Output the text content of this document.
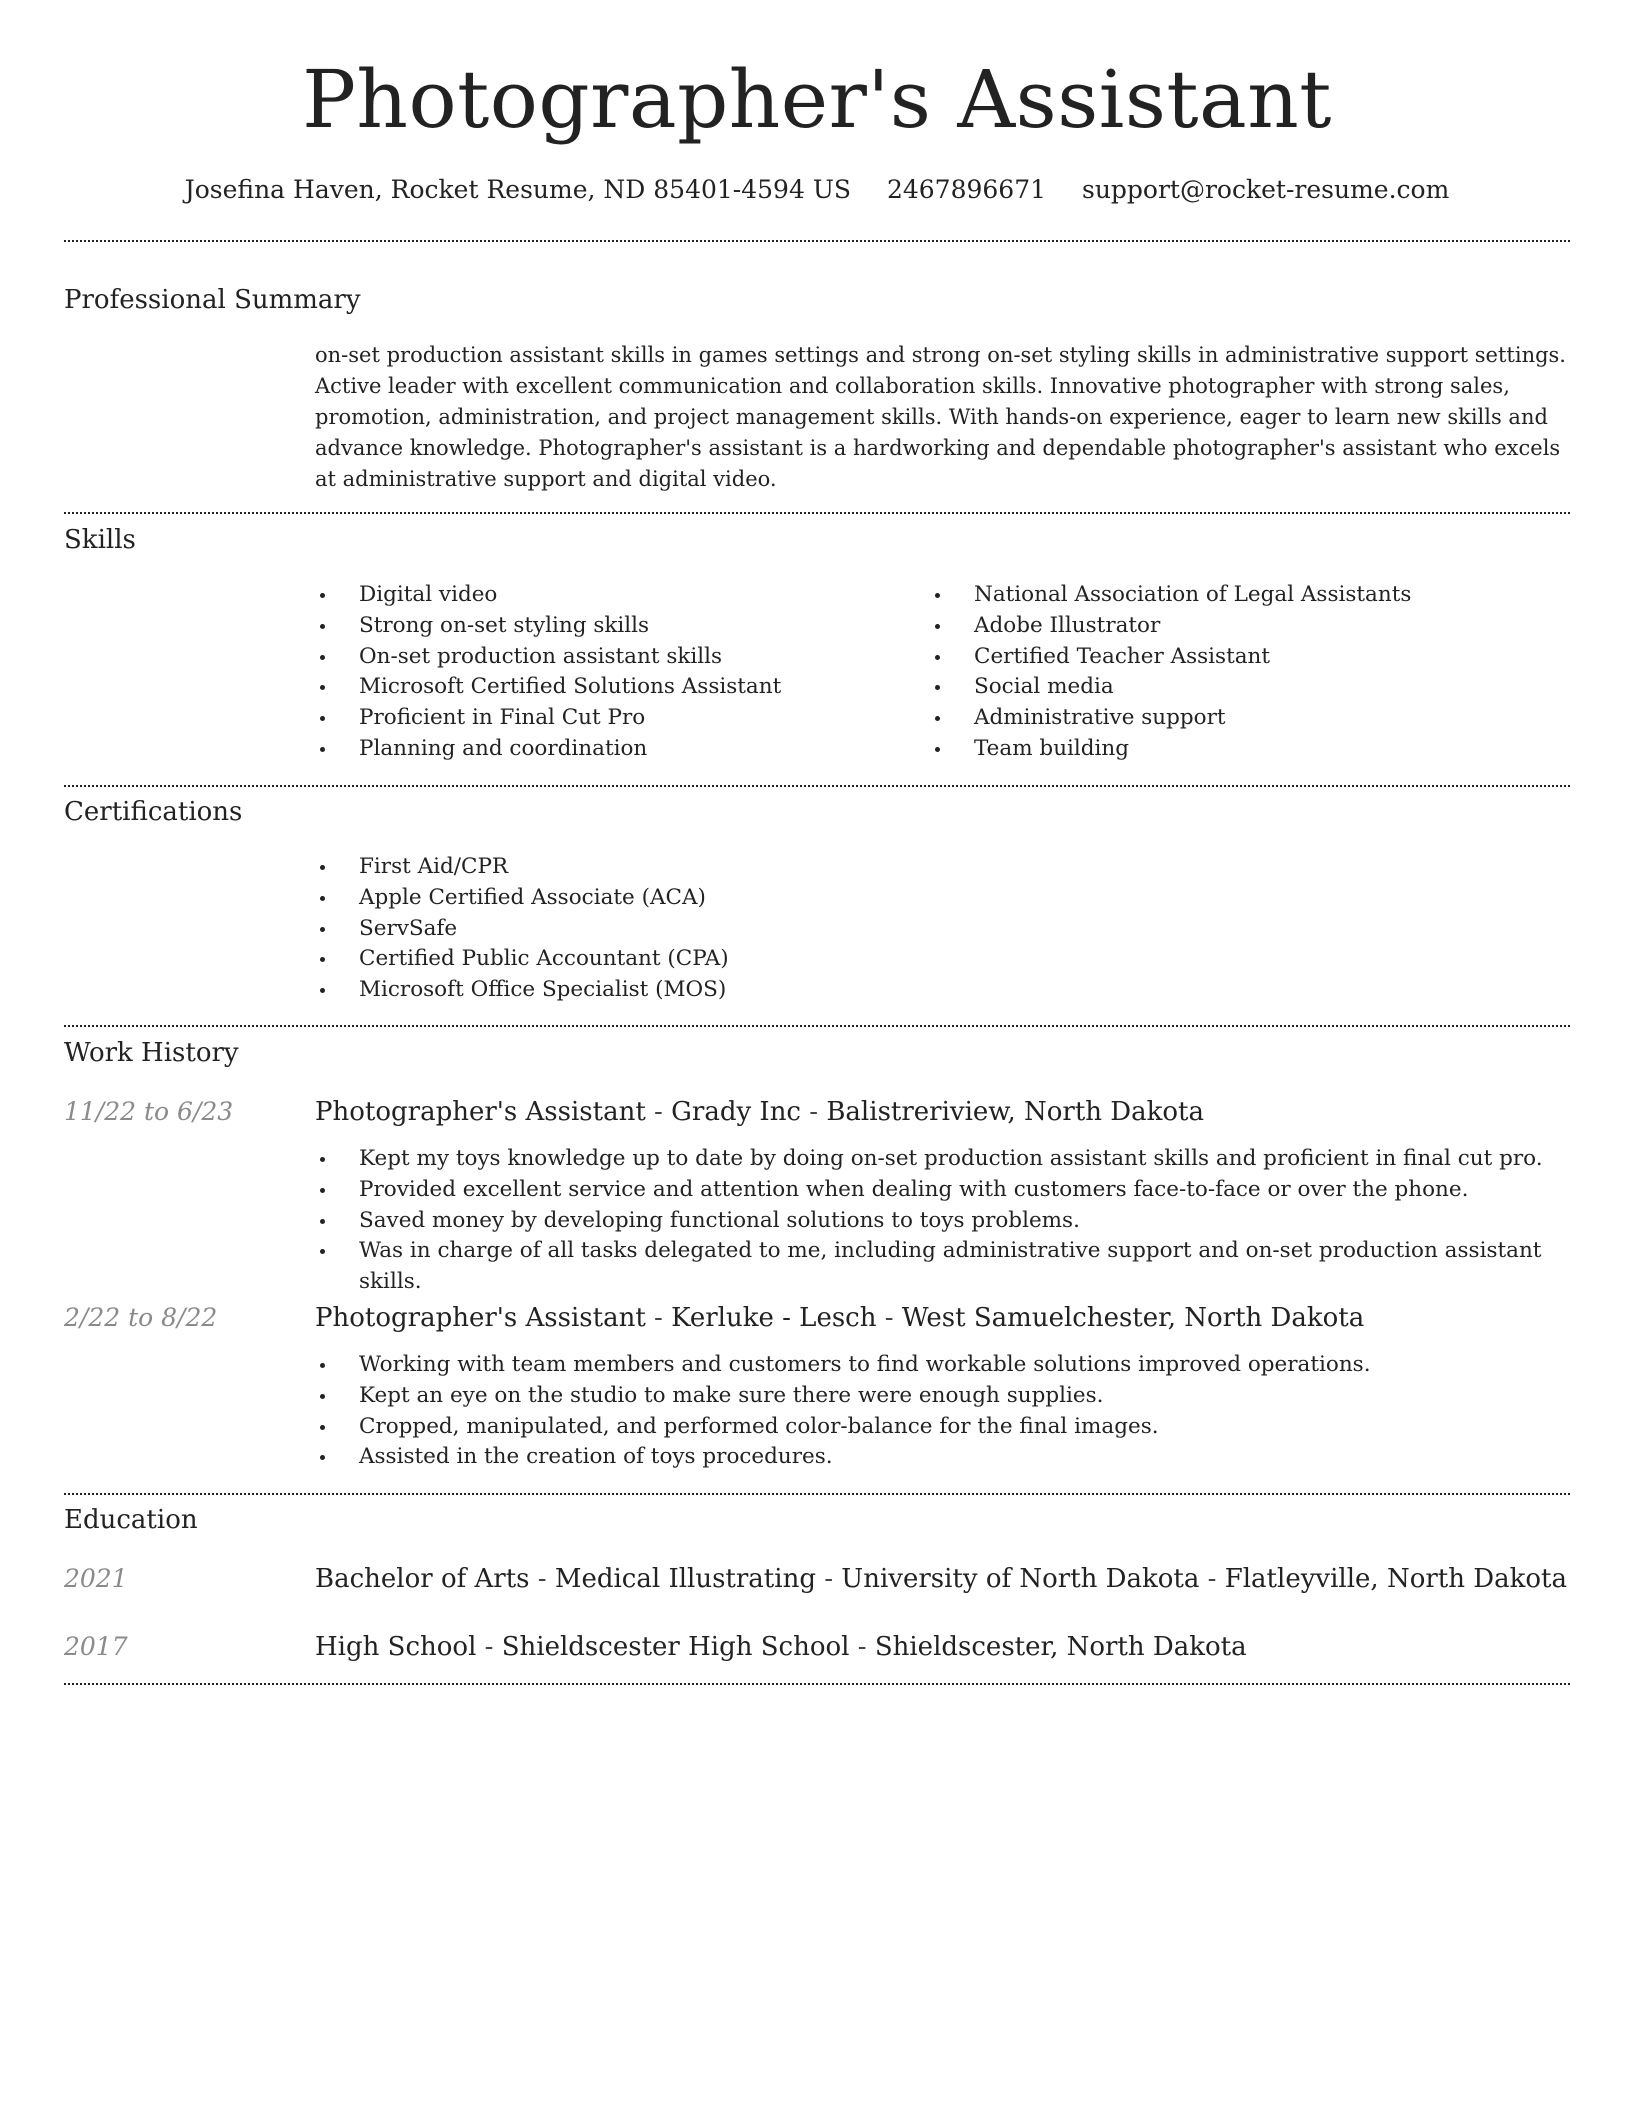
Photographer's Assistant
Josefina Haven, Rocket Resume, ND 85401-4594 US 2467896671 support@rocket-resume.com
Professional Summary

on-set production assistant skills in games settings and strong on-set styling skills in administrative support settings. Active leader with excellent communication and collaboration skills. Innovative photographer with strong sales, promotion, administration, and project management skills. With hands-on experience, eager to learn new skills and advance knowledge. Photographer's assistant is a hardworking and dependable photographer's assistant who excels at administrative support and digital video.

Skills
• Digital video
• Strong on-set styling skills
• On-set production assistant skills
• Microsoft Certified Solutions Assistant
• Proficient in Final Cut Pro
• Planning and coordination
• National Association of Legal Assistants
• Adobe Illustrator
• Certified Teacher Assistant
• Social media
• Administrative support
• Team building
Certifications
• First Aid/CPR
• Apple Certified Associate (ACA)
• ServSafe
• Certified Public Accountant (CPA)
• Microsoft Office Specialist (MOS)
Work History
11/22 to 6/23	Photographer's Assistant - Grady Inc - Balistreriview, North Dakota
• Kept my toys knowledge up to date by doing on-set production assistant skills and proficient in final cut pro.
• Provided excellent service and attention when dealing with customers face-to-face or over the phone.
• Saved money by developing functional solutions to toys problems.
• Was in charge of all tasks delegated to me, including administrative support and on-set production assistant skills.
2/22 to 8/22	Photographer's Assistant - Kerluke - Lesch - West Samuelchester, North Dakota
• Working with team members and customers to find workable solutions improved operations.
• Kept an eye on the studio to make sure there were enough supplies.
• Cropped, manipulated, and performed color-balance for the final images.
• Assisted in the creation of toys procedures.
Education
2021	Bachelor of Arts - Medical Illustrating - University of North Dakota - Flatleyville, North Dakota
2017	High School - Shieldscester High School - Shieldscester, North Dakota
